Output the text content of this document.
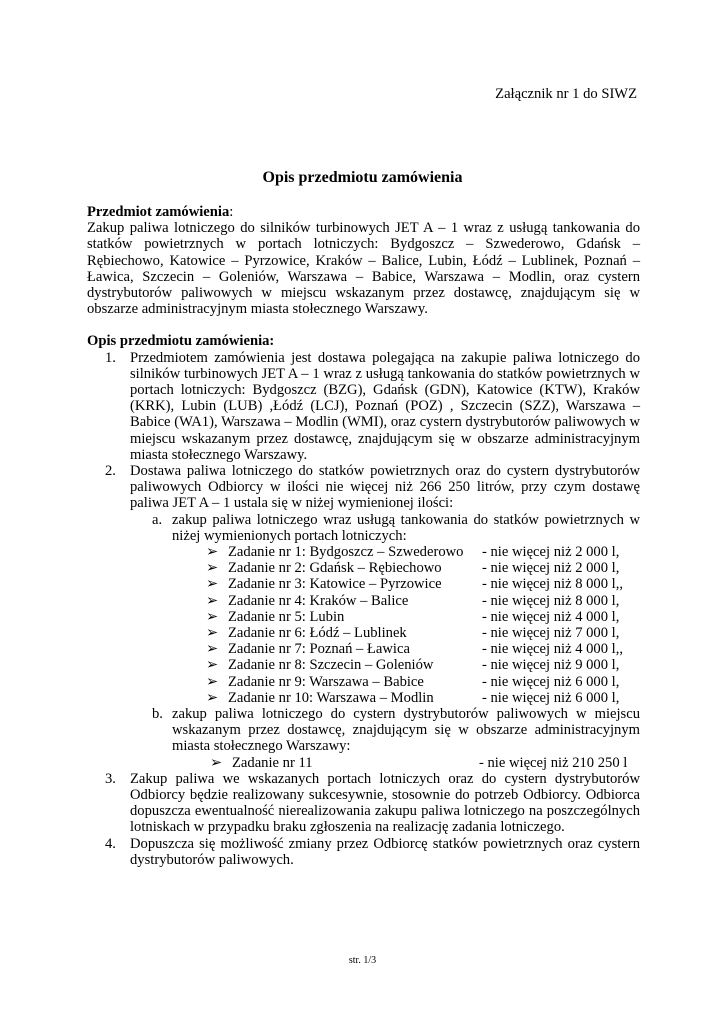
Załącznik nr 1 do SIWZ
Opis przedmiotu zamówienia
Przedmiot zamówienia:
Zakup paliwa lotniczego do silników turbinowych JET A – 1 wraz z usługą tankowania do statków powietrznych w portach lotniczych: Bydgoszcz – Szwederowo, Gdańsk – Rębiechowo, Katowice – Pyrzowice, Kraków – Balice, Lubin, Łódź – Lublinek, Poznań – Ławica, Szczecin – Goleniów, Warszawa – Babice, Warszawa – Modlin, oraz cystern dystrybutorów paliwowych w miejscu wskazanym przez dostawcę, znajdującym się w obszarze administracyjnym miasta stołecznego Warszawy.
Opis przedmiotu zamówienia:
1. Przedmiotem zamówienia jest dostawa polegająca na zakupie paliwa lotniczego do silników turbinowych JET A – 1 wraz z usługą tankowania do statków powietrznych w portach lotniczych: Bydgoszcz (BZG), Gdańsk (GDN), Katowice (KTW), Kraków (KRK), Lubin (LUB) ,Łódź (LCJ), Poznań (POZ) , Szczecin (SZZ), Warszawa – Babice (WA1), Warszawa – Modlin (WMI), oraz cystern dystrybutorów paliwowych w miejscu wskazanym przez dostawcę, znajdującym się w obszarze administracyjnym miasta stołecznego Warszawy.
2. Dostawa paliwa lotniczego do statków powietrznych oraz do cystern dystrybutorów paliwowych Odbiorcy w ilości nie więcej niż 266 250 litrów, przy czym dostawę paliwa JET A – 1 ustala się w niżej wymienionej ilości:
a. zakup paliwa lotniczego wraz usługą tankowania do statków powietrznych w niżej wymienionych portach lotniczych:
➢ Zadanie nr 1: Bydgoszcz – Szwederowo	- nie więcej niż 2 000 l,
➢ Zadanie nr 2: Gdańsk – Rębiechowo	- nie więcej niż 2 000 l,
➢ Zadanie nr 3: Katowice – Pyrzowice	- nie więcej niż 8 000 l,,
➢ Zadanie nr 4: Kraków – Balice	- nie więcej niż 8 000 l,
➢ Zadanie nr 5: Lubin	- nie więcej niż 4 000 l,
➢ Zadanie nr 6: Łódź – Lublinek	- nie więcej niż 7 000 l,
➢ Zadanie nr 7: Poznań – Ławica	- nie więcej niż 4 000 l,,
➢ Zadanie nr 8: Szczecin – Goleniów	- nie więcej niż 9 000 l,
➢ Zadanie nr 9: Warszawa – Babice	- nie więcej niż 6 000 l,
➢ Zadanie nr 10: Warszawa – Modlin	- nie więcej niż 6 000 l,
b. zakup paliwa lotniczego do cystern dystrybutorów paliwowych w miejscu wskazanym przez dostawcę, znajdującym się w obszarze administracyjnym miasta stołecznego Warszawy:
➢ Zadanie nr 11	- nie więcej niż 210 250 l
3. Zakup paliwa we wskazanych portach lotniczych oraz do cystern dystrybutorów Odbiorcy będzie realizowany sukcesywnie, stosownie do potrzeb Odbiorcy. Odbiorca dopuszcza ewentualność nierealizowania zakupu paliwa lotniczego na poszczególnych lotniskach w przypadku braku zgłoszenia na realizację zadania lotniczego.
4. Dopuszcza się możliwość zmiany przez Odbiorcę statków powietrznych oraz cystern dystrybutorów paliwowych.
str. 1/3
